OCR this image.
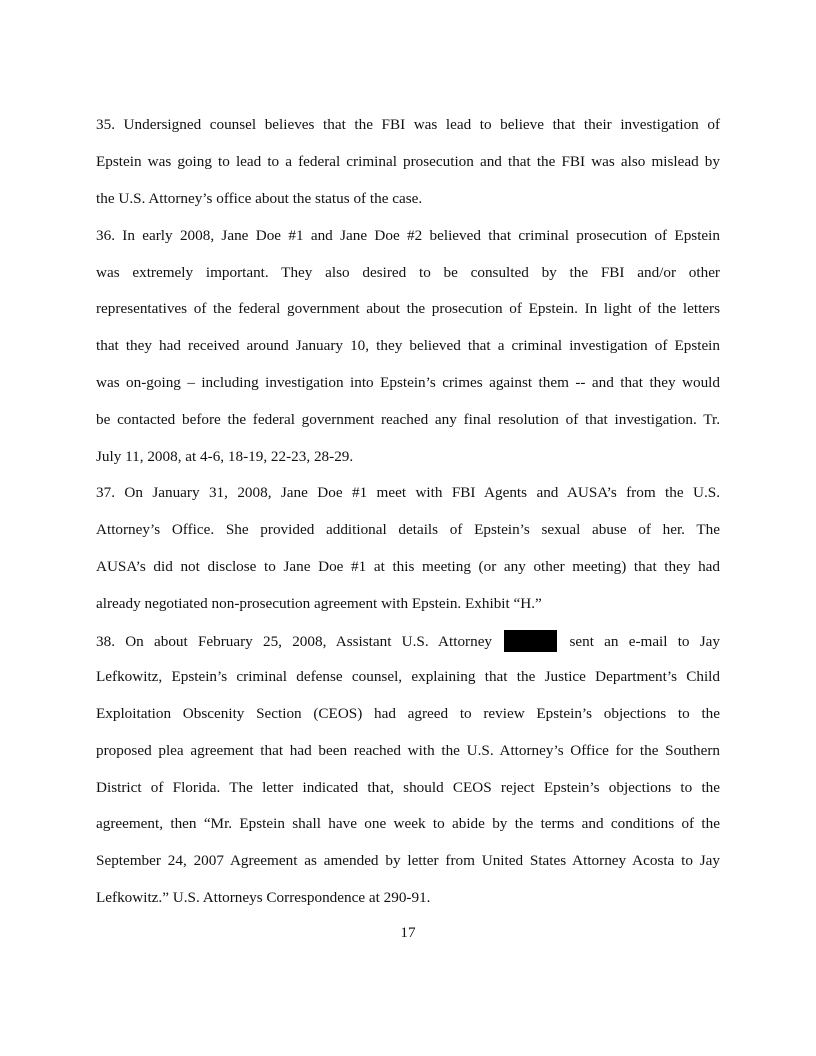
35. Undersigned counsel believes that the FBI was lead to believe that their investigation of
Epstein was going to lead to a federal criminal prosecution and that the FBI was also mislead by
the U.S. Attorney’s office about the status of the case.
36. In early 2008, Jane Doe #1 and Jane Doe #2 believed that criminal prosecution of Epstein
was extremely important. They also desired to be consulted by the FBI and/or other
representatives of the federal government about the prosecution of Epstein. In light of the letters
that they had received around January 10, they believed that a criminal investigation of Epstein
was on-going – including investigation into Epstein’s crimes against them -- and that they would
be contacted before the federal government reached any final resolution of that investigation. Tr.
July 11, 2008, at 4-6, 18-19, 22-23, 28-29.
37. On January 31, 2008, Jane Doe #1 meet with FBI Agents and AUSA’s from the U.S.
Attorney’s Office. She provided additional details of Epstein’s sexual abuse of her. The
AUSA’s did not disclose to Jane Doe #1 at this meeting (or any other meeting) that they had
already negotiated non-prosecution agreement with Epstein. Exhibit “H.”
38. On about February 25, 2008, Assistant U.S. Attorney	sent an e-mail to Jay
Lefkowitz, Epstein’s criminal defense counsel, explaining that the Justice Department’s Child
Exploitation Obscenity Section (CEOS) had agreed to review Epstein’s objections to the
proposed plea agreement that had been reached with the U.S. Attorney’s Office for the Southern
District of Florida. The letter indicated that, should CEOS reject Epstein’s objections to the
agreement, then “Mr. Epstein shall have one week to abide by the terms and conditions of the
September 24, 2007 Agreement as amended by letter from United States Attorney Acosta to Jay
Lefkowitz.” U.S. Attorneys Correspondence at 290-91.
17
